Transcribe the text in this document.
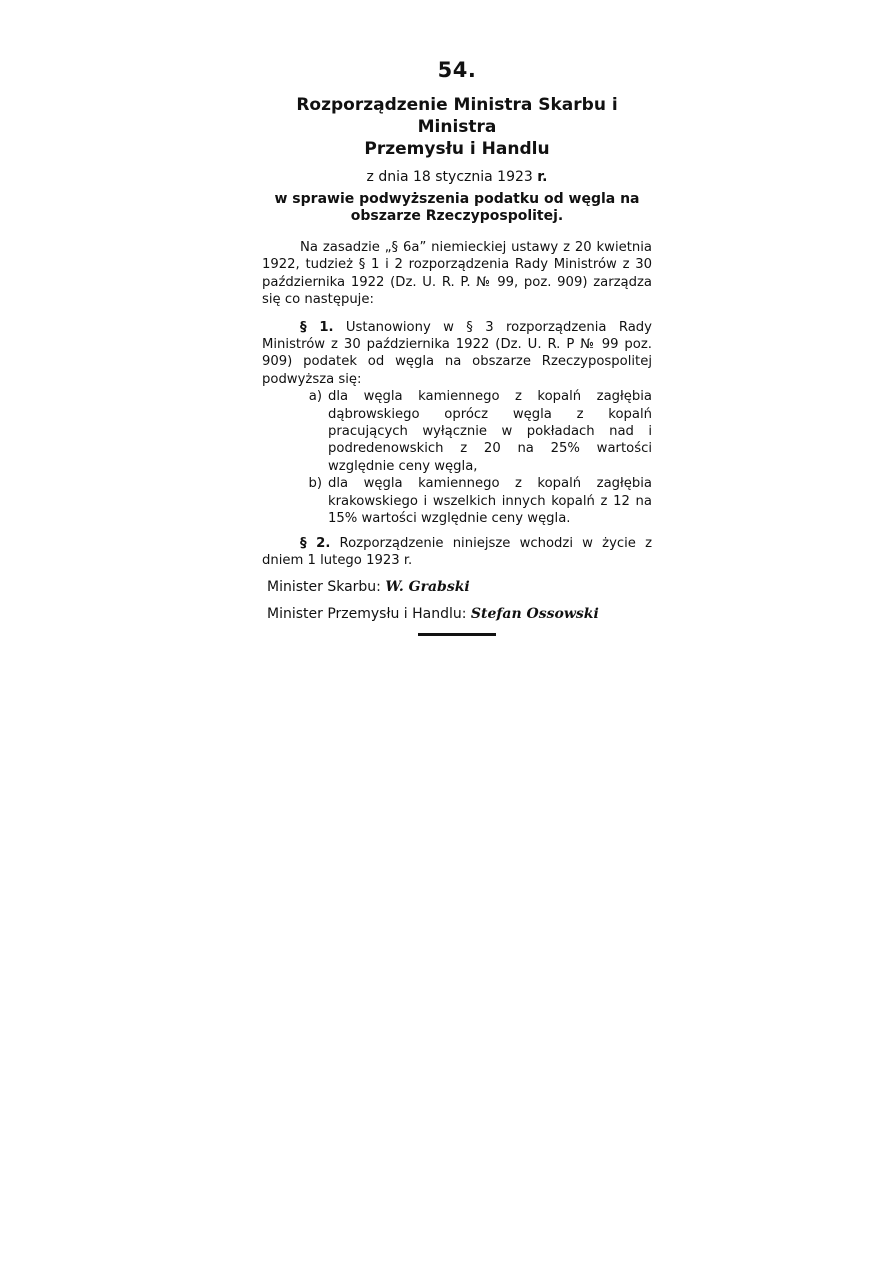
54.
Rozporządzenie Ministra Skarbu i Ministra
Przemysłu i Handlu
z dnia 18 stycznia 1923 r.
w sprawie podwyższenia podatku od węgla na
obszarze Rzeczypospolitej.

Na zasadzie „§ 6a” niemieckiej ustawy z 20 kwietnia 1922, tudzież § 1 i 2 rozporządzenia Rady Ministrów z 30 października 1922 (Dz. U. R. P. № 99, poz. 909) zarządza się co następuje:

§ 1. Ustanowiony w § 3 rozporządzenia Rady Ministrów z 30 października 1922 (Dz. U. R. P № 99 poz. 909) podatek od węgla na obszarze Rzeczypospolitej podwyższa się:

a) dla węgla kamiennego z kopalń zagłębia dąbrowskiego oprócz węgla z kopalń pracujących wyłącznie w pokładach nad i podredenowskich z 20 na 25% wartości względnie ceny węgla,
b) dla węgla kamiennego z kopalń zagłębia krakowskiego i wszelkich innych kopalń z 12 na 15% wartości względnie ceny węgla.

§ 2. Rozporządzenie niniejsze wchodzi w życie z dniem 1 lutego 1923 r.

Minister Skarbu: W. Grabski
Minister Przemysłu i Handlu: Stefan Ossowski
